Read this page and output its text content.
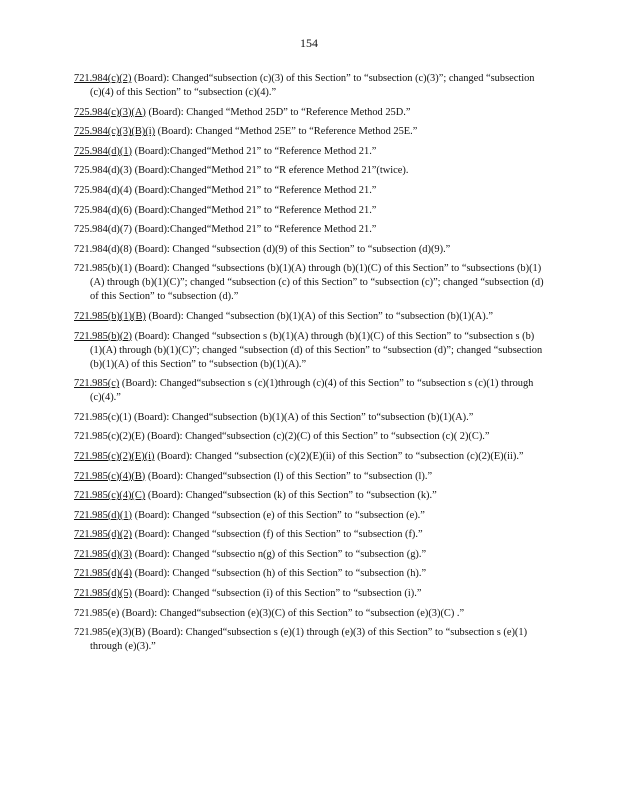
154

721.984(c)(2) (Board): Changed“subsection (c)(3) of this Section” to “subsection (c)(3)”; changed “subsection (c)(4) of this Section” to “subsection (c)(4).”

725.984(c)(3)(A) (Board): Changed “Method 25D” to “Reference Method 25D.”

725.984(c)(3)(B)(i) (Board): Changed “Method 25E” to “Reference Method 25E.”

725.984(d)(1) (Board):Changed“Method 21” to “Reference Method 21.”

725.984(d)(3) (Board):Changed“Method 21” to “R eference Method 21”(twice).

725.984(d)(4) (Board):Changed“Method 21” to “Reference Method 21.”

725.984(d)(6) (Board):Changed“Method 21” to “Reference Method 21.”

725.984(d)(7) (Board):Changed“Method 21” to “Reference Method 21.”

721.984(d)(8) (Board): Changed “subsection (d)(9) of this Section” to “subsection (d)(9).”

721.985(b)(1) (Board): Changed “subsections (b)(1)(A) through (b)(1)(C) of this Section” to “subsections (b)(1)(A) through (b)(1)(C)”; changed “subsection (c) of this Section” to “subsection (c)”; changed “subsection (d) of this Section” to “subsection (d).”

721.985(b)(1)(B) (Board): Changed “subsection (b)(1)(A) of this Section” to “subsection (b)(1)(A).”

721.985(b)(2) (Board): Changed “subsection s (b)(1)(A) through (b)(1)(C) of this Section” to “subsection s (b)(1)(A) through (b)(1)(C)”; changed “subsection (d) of this Section” to “subsection (d)”; changed “subsection (b)(1)(A) of this Section” to “subsection (b)(1)(A).”

721.985(c) (Board): Changed“subsection s (c)(1)through (c)(4) of this Section” to “subsection s (c)(1) through (c)(4).”

721.985(c)(1) (Board): Changed“subsection (b)(1)(A) of this Section” to“subsection (b)(1)(A).”

721.985(c)(2)(E) (Board): Changed“subsection (c)(2)(C) of this Section” to “subsection (c)( 2)(C).”

721.985(c)(2)(E)(i) (Board): Changed “subsection (c)(2)(E)(ii) of this Section” to “subsection (c)(2)(E)(ii).”

721.985(c)(4)(B) (Board): Changed“subsection (l) of this Section” to “subsection (l).”

721.985(c)(4)(C) (Board): Changed“subsection (k) of this Section” to “subsection (k).”

721.985(d)(1) (Board): Changed “subsection (e) of this Section” to “subsection (e).”

721.985(d)(2) (Board): Changed “subsection (f) of this Section” to “subsection (f).”

721.985(d)(3) (Board): Changed “subsectio n(g) of this Section” to “subsection (g).”

721.985(d)(4) (Board): Changed “subsection (h) of this Section” to “subsection (h).”

721.985(d)(5) (Board): Changed “subsection (i) of this Section” to “subsection (i).”

721.985(e) (Board): Changed“subsection (e)(3)(C) of this Section” to “subsection (e)(3)(C) .”

721.985(e)(3)(B) (Board): Changed“subsection s (e)(1) through (e)(3) of this Section” to “subsection s (e)(1) through (e)(3).”
